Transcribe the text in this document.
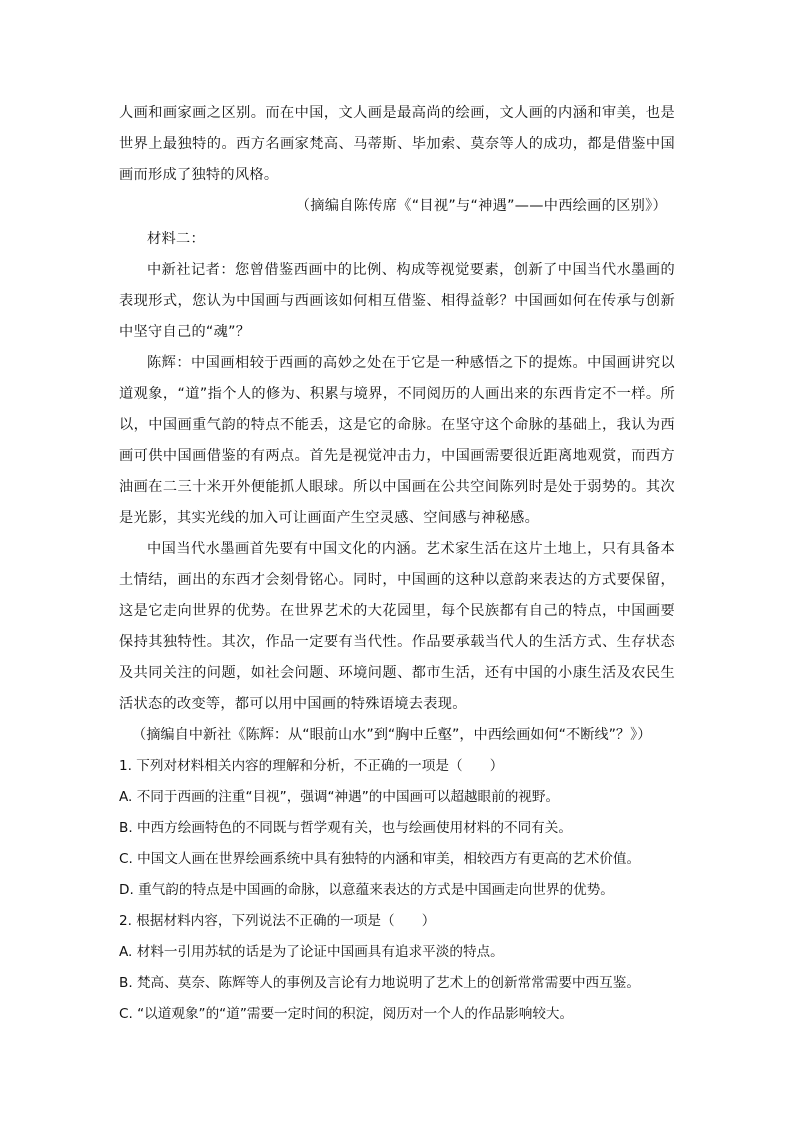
人画和画家画之区别。而在中国，文人画是最高尚的绘画，文人画的内涵和审美，也是世界上最独特的。西方名画家梵高、马蒂斯、毕加索、莫奈等人的成功，都是借鉴中国画而形成了独特的风格。

（摘编自陈传席《“目视”与“神遇”——中西绘画的区别》）

材料二：

中新社记者：您曾借鉴西画中的比例、构成等视觉要素，创新了中国当代水墨画的表现形式，您认为中国画与西画该如何相互借鉴、相得益彰？中国画如何在传承与创新中坚守自己的“魂”？

陈辉：中国画相较于西画的高妙之处在于它是一种感悟之下的提炼。中国画讲究以道观象，“道”指个人的修为、积累与境界，不同阅历的人画出来的东西肯定不一样。所以，中国画重气韵的特点不能丢，这是它的命脉。在坚守这个命脉的基础上，我认为西画可供中国画借鉴的有两点。首先是视觉冲击力，中国画需要很近距离地观赏，而西方油画在二三十米开外便能抓人眼球。所以中国画在公共空间陈列时是处于弱势的。其次是光影，其实光线的加入可让画面产生空灵感、空间感与神秘感。

中国当代水墨画首先要有中国文化的内涵。艺术家生活在这片土地上，只有具备本土情结，画出的东西才会刻骨铭心。同时，中国画的这种以意韵来表达的方式要保留，这是它走向世界的优势。在世界艺术的大花园里，每个民族都有自己的特点，中国画要保持其独特性。其次，作品一定要有当代性。作品要承载当代人的生活方式、生存状态及共同关注的问题，如社会问题、环境问题、都市生活，还有中国的小康生活及农民生活状态的改变等，都可以用中国画的特殊语境去表现。

（摘编自中新社《陈辉：从“眼前山水”到“胸中丘壑”，中西绘画如何“不断线”？》）

1. 下列对材料相关内容的理解和分析，不正确的一项是（　　）

A. 不同于西画的注重“目视”，强调“神遇”的中国画可以超越眼前的视野。

B. 中西方绘画特色的不同既与哲学观有关，也与绘画使用材料的不同有关。

C. 中国文人画在世界绘画系统中具有独特的内涵和审美，相较西方有更高的艺术价值。

D. 重气韵的特点是中国画的命脉，以意蕴来表达的方式是中国画走向世界的优势。

2. 根据材料内容，下列说法不正确的一项是（　　）

A. 材料一引用苏轼的话是为了论证中国画具有追求平淡的特点。

B. 梵高、莫奈、陈辉等人的事例及言论有力地说明了艺术上的创新常常需要中西互鉴。

C. “以道观象”的“道”需要一定时间的积淀，阅历对一个人的作品影响较大。
